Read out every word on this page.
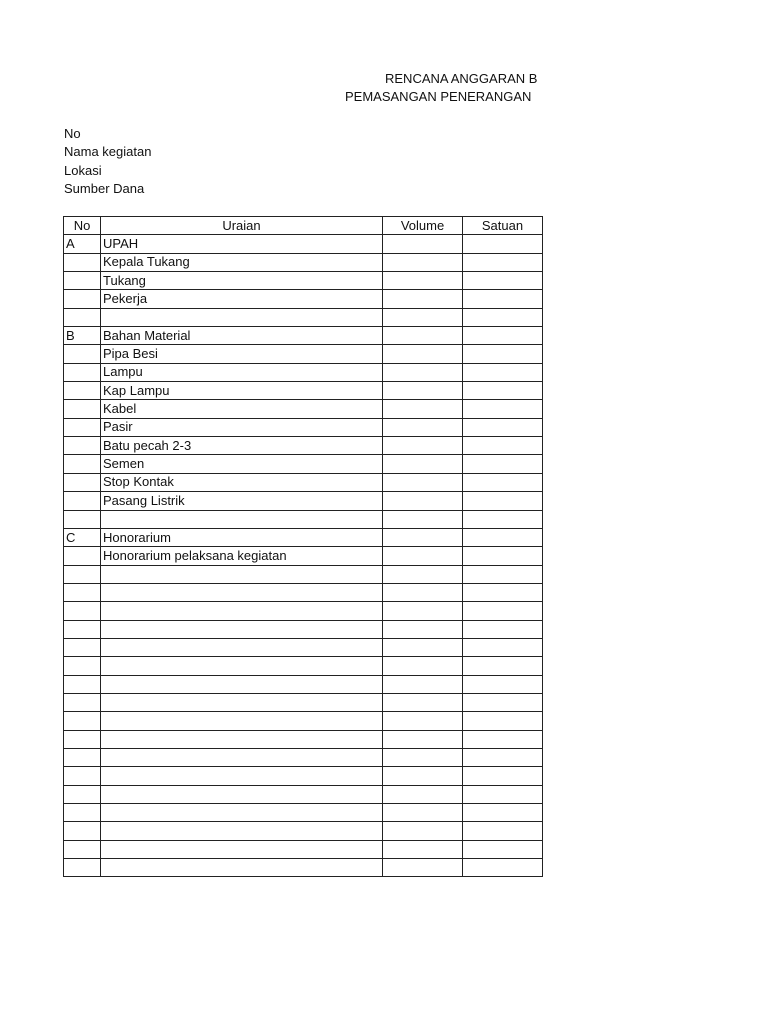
RENCANA ANGGARAN B
PEMASANGAN PENERANGAN
No
Nama kegiatan
Lokasi
Sumber Dana
No	Uraian	Volume	Satuan
A	UPAH		
	Kepala Tukang		
	Tukang		
	Pekerja		

B	Bahan Material		
	Pipa Besi		
	Lampu		
	Kap Lampu		
	Kabel		
	Pasir		
	Batu pecah 2-3		
	Semen		
	Stop Kontak		
	Pasang Listrik		

C	Honorarium		
	Honorarium pelaksana kegiatan		
